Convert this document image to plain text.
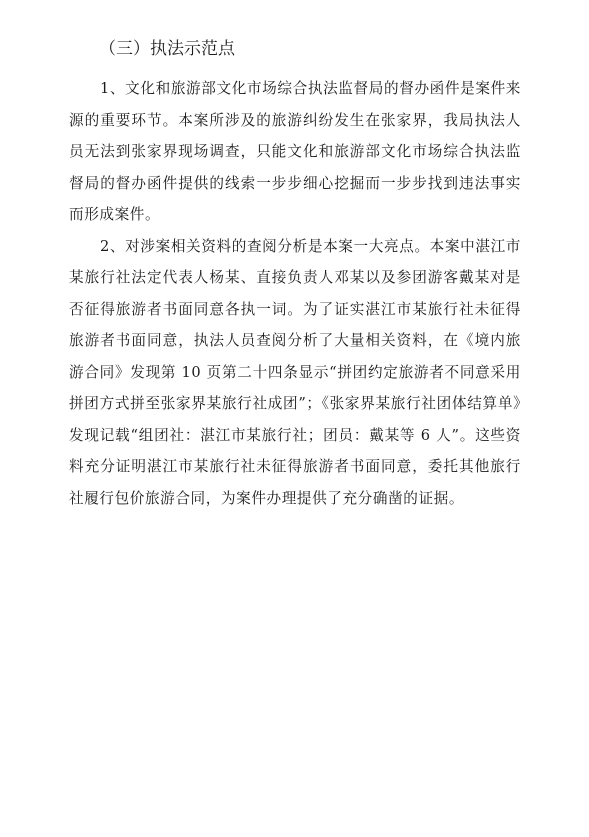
（三）执法示范点

1、文化和旅游部文化市场综合执法监督局的督办函件是案件来源的重要环节。本案所涉及的旅游纠纷发生在张家界，我局执法人员无法到张家界现场调查，只能文化和旅游部文化市场综合执法监督局的督办函件提供的线索一步步细心挖掘而一步步找到违法事实而形成案件。

2、对涉案相关资料的查阅分析是本案一大亮点。本案中湛江市某旅行社法定代表人杨某、直接负责人邓某以及参团游客戴某对是否征得旅游者书面同意各执一词。为了证实湛江市某旅行社未征得旅游者书面同意，执法人员查阅分析了大量相关资料，在《境内旅游合同》发现第 10 页第二十四条显示“拼团约定旅游者不同意采用拼团方式拼至张家界某旅行社成团”；《张家界某旅行社团体结算单》发现记载“组团社：湛江市某旅行社；团员：戴某等 6 人”。这些资料充分证明湛江市某旅行社未征得旅游者书面同意，委托其他旅行社履行包价旅游合同，为案件办理提供了充分确凿的证据。
